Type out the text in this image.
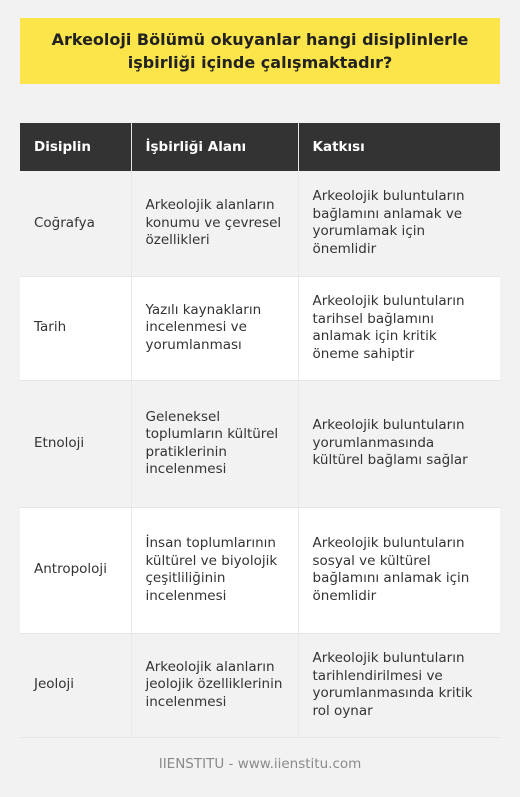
Arkeoloji Bölümü okuyanlar hangi disiplinlerle işbirliği içinde çalışmaktadır?
Disiplin	İşbirliği Alanı	Katkısı
Coğrafya	Arkeolojik alanların konumu ve çevresel özellikleri	Arkeolojik buluntuların bağlamını anlamak ve yorumlamak için önemlidir
Tarih	Yazılı kaynakların incelenmesi ve yorumlanması	Arkeolojik buluntuların tarihsel bağlamını anlamak için kritik öneme sahiptir
Etnoloji	Geleneksel toplumların kültürel pratiklerinin incelenmesi	Arkeolojik buluntuların yorumlanmasında kültürel bağlamı sağlar
Antropoloji	İnsan toplumlarının kültürel ve biyolojik çeşitliliğinin incelenmesi	Arkeolojik buluntuların sosyal ve kültürel bağlamını anlamak için önemlidir
Jeoloji	Arkeolojik alanların jeolojik özelliklerinin incelenmesi	Arkeolojik buluntuların tarihlendirilmesi ve yorumlanmasında kritik rol oynar
IIENSTITU - www.iienstitu.com
